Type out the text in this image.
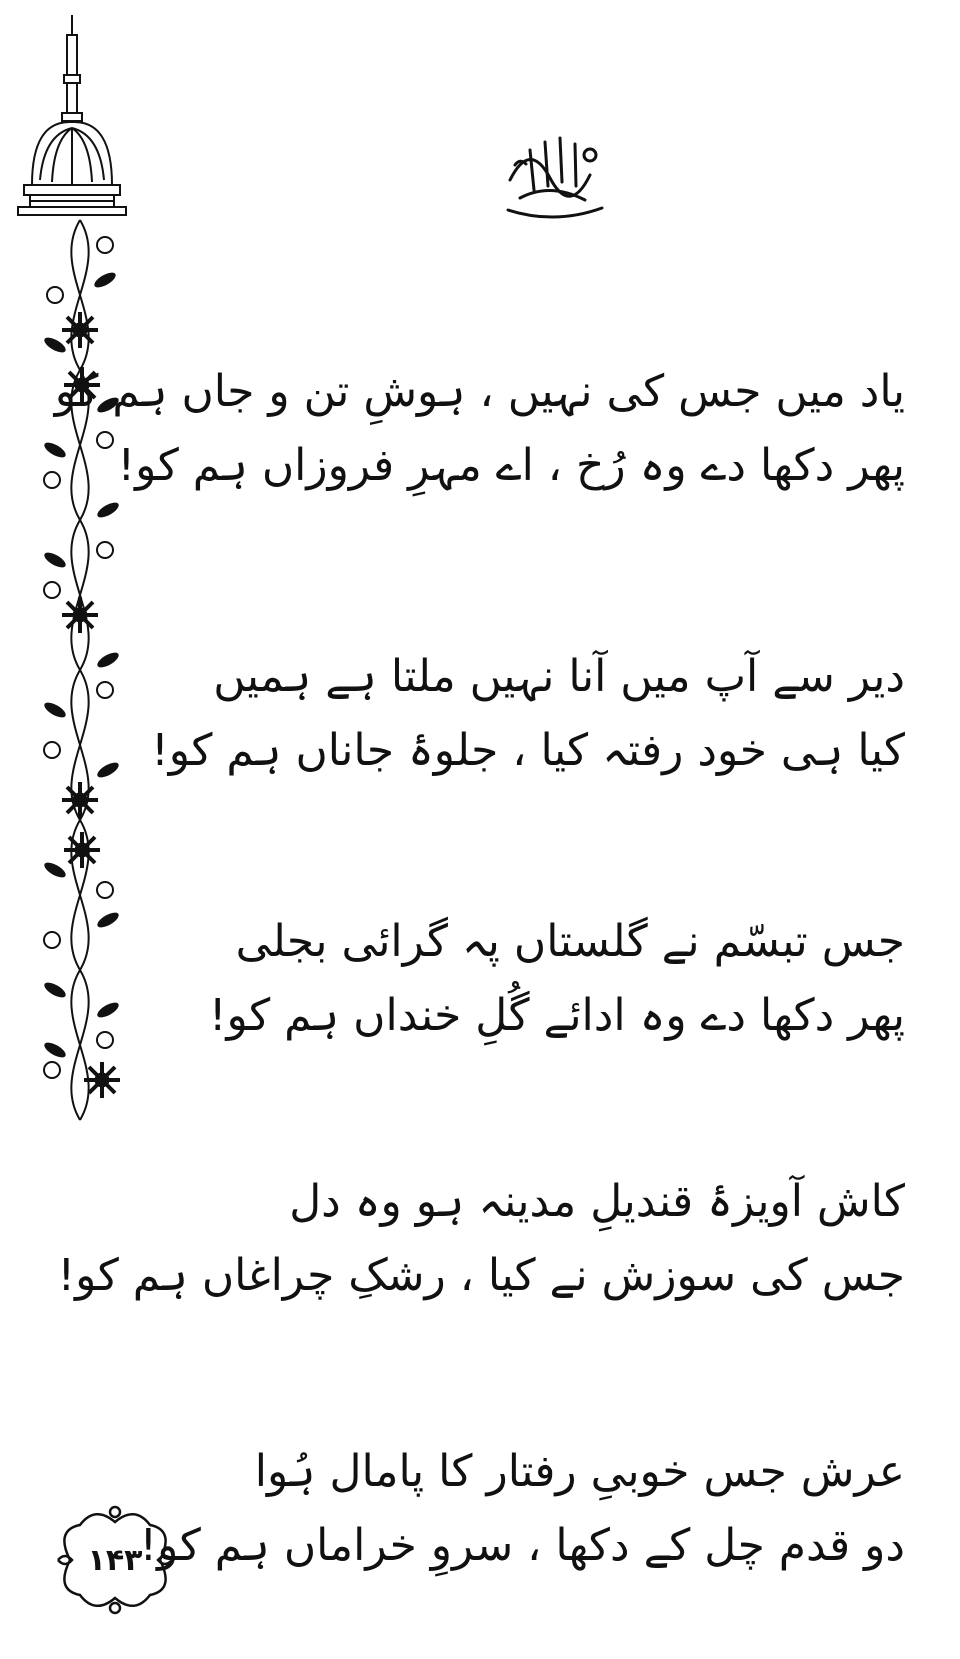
یاد میں جس کی نہیں ، ہوشِ تن و جاں ہم کو
پھر دکھا دے وہ رُخ ، اے مہرِ فروزاں ہم کو!
دیر سے آپ میں آنا نہیں ملتا ہے ہمیں
کیا ہی خود رفتہ کیا ، جلوۂ جاناں ہم کو!
جس تبسّم نے گلستاں پہ گرائی بجلی
پھر دکھا دے وہ ادائے گُلِ خنداں ہم کو!
کاش آویزۂ قندیلِ مدینہ ہو وہ دل
جس کی سوزش نے کیا ، رشکِ چراغاں ہم کو!
عرش جس خوبیِ رفتار کا پامال ہُوا
دو قدم چل کے دکھا ، سروِ خراماں ہم کو!
۱۴۳
